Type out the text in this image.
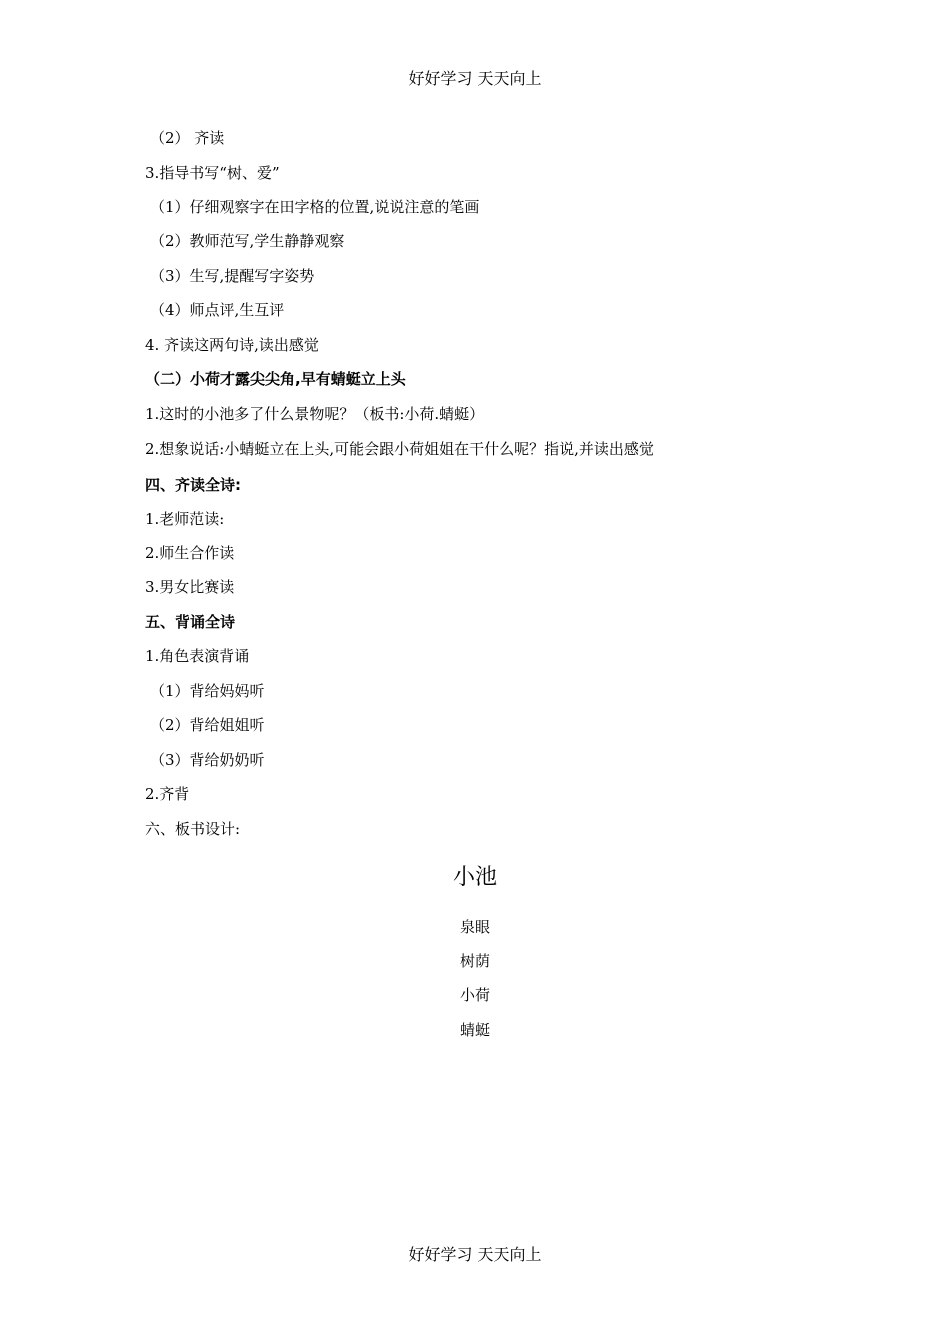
好好学习 天天向上
（2） 齐读
3.指导书写“树、爱”
（1）仔细观察字在田字格的位置,说说注意的笔画
（2）教师范写,学生静静观察
（3）生写,提醒写字姿势
（4）师点评,生互评
4. 齐读这两句诗,读出感觉
（二）小荷才露尖尖角,早有蜻蜓立上头
1.这时的小池多了什么景物呢？（板书:小荷.蜻蜓）
2.想象说话:小蜻蜓立在上头,可能会跟小荷姐姐在干什么呢？指说,并读出感觉
四、齐读全诗:
1.老师范读:
2.师生合作读
3.男女比赛读
五、背诵全诗
1.角色表演背诵
（1）背给妈妈听
（2）背给姐姐听
（3）背给奶奶听
2.齐背
六、板书设计:
小池
泉眼
树荫
小荷
蜻蜓
好好学习 天天向上
